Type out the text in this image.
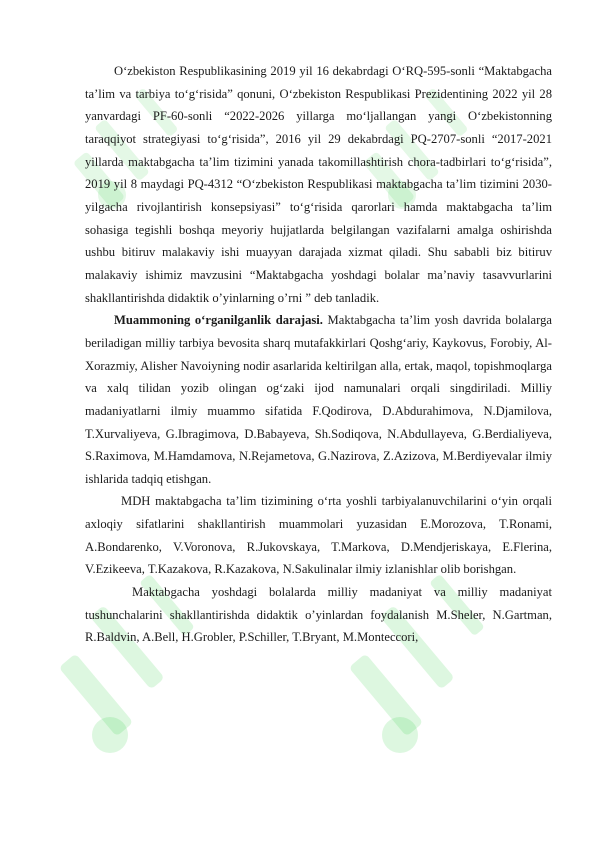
O‘zbekiston Respublikasining 2019 yil 16 dekabrdagi O‘RQ-595-sonli “Maktabgacha ta’lim va tarbiya to‘g‘risida” qonuni, O‘zbekiston Respublikasi Prezidentining 2022 yil 28 yanvardagi PF-60-sonli “2022-2026 yillarga mo‘ljallangan yangi O‘zbekistonning taraqqiyot strategiyasi to‘g‘risida”, 2016 yil 29 dekabrdagi PQ-2707-sonli “2017-2021 yillarda maktabgacha ta’lim tizimini yanada takomillashtirish chora-tadbirlari to‘g‘risida”, 2019 yil 8 maydagi PQ-4312 “O‘zbekiston Respublikasi maktabgacha ta’lim tizimini 2030-yilgacha rivojlantirish konsepsiyasi” to‘g‘risida qarorlari hamda maktabgacha ta’lim sohasiga tegishli boshqa meyoriy hujjatlarda belgilangan vazifalarni amalga oshirishda ushbu bitiruv malakaviy ishi muayyan darajada xizmat qiladi. Shu sababli biz bitiruv malakaviy ishimiz mavzusini “Maktabgacha yoshdagi bolalar ma’naviy tasavvurlarini shakllantirishda didaktik o’yinlarning o’rni ” deb tanladik.

Muammoning o‘rganilganlik darajasi. Maktabgacha ta’lim yosh davrida bolalarga beriladigan milliy tarbiya bevosita sharq mutafakkirlari Qoshg‘ariy, Kaykovus, Forobiy, Al-Xorazmiy, Alisher Navoiyning nodir asarlarida keltirilgan alla, ertak, maqol, topishmoqlarga va xalq tilidan yozib olingan og‘zaki ijod namunalari orqali singdiriladi. Milliy madaniyatlarni ilmiy muammo sifatida F.Qodirova, D.Abdurahimova, N.Djamilova, T.Xurvaliyeva, G.Ibragimova, D.Babayeva, Sh.Sodiqova, N.Abdullayeva, G.Berdialiyeva, S.Raximova, M.Hamdamova, N.Rejametova, G.Nazirova, Z.Azizova, M.Berdiyevalar ilmiy ishlarida tadqiq etishgan.

MDH maktabgacha ta’lim tizimining o‘rta yoshli tarbiyalanuvchilarini o‘yin orqali axloqiy sifatlarini shakllantirish muammolari yuzasidan E.Morozova, T.Ronami, A.Bondarenko, V.Voronova, R.Jukovskaya, T.Markova, D.Mendjeriskaya, E.Flerina, V.Ezikeeva, T.Kazakova, R.Kazakova, N.Sakulinalar ilmiy izlanishlar olib borishgan.

Maktabgacha yoshdagi bolalarda milliy madaniyat va milliy madaniyat tushunchalarini shakllantirishda didaktik o’yinlardan foydalanish M.Sheler, N.Gartman, R.Baldvin, A.Bell, H.Grobler, P.Schiller, T.Bryant, M.Monteccori,
